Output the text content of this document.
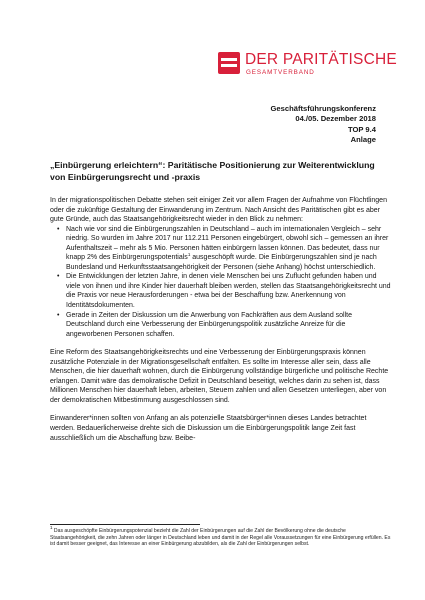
DER PARITÄTISCHE
GESAMTVERBAND
Geschäftsführungskonferenz
04./05. Dezember 2018
TOP 9.4
Anlage
„Einbürgerung erleichtern“: Paritätische Positionierung zur Weiterentwicklung von Einbürgerungsrecht und -praxis

In der migrationspolitischen Debatte stehen seit einiger Zeit vor allem Fragen der Aufnahme von Flüchtlingen oder die zukünftige Gestaltung der Einwanderung im Zentrum. Nach Ansicht des Paritätischen gibt es aber gute Gründe, auch das Staatsangehörigkeitsrecht wieder in den Blick zu nehmen:

• Nach wie vor sind die Einbürgerungszahlen in Deutschland – auch im internationalen Vergleich – sehr niedrig. So wurden im Jahre 2017 nur 112.211 Personen eingebürgert, obwohl sich – gemessen an ihrer Aufenthaltszeit – mehr als 5 Mio. Personen hätten einbürgern lassen können. Das bedeutet, dass nur knapp 2% des Einbürgerungspotentials$^1$ ausgeschöpft wurde. Die Einbürgerungszahlen sind je nach Bundesland und Herkunftsstaatsangehörigkeit der Personen (siehe Anhang) höchst unterschiedlich.
• Die Entwicklungen der letzten Jahre, in denen viele Menschen bei uns Zuflucht gefunden haben und viele von ihnen und ihre Kinder hier dauerhaft bleiben werden, stellen das Staatsangehörigkeitsrecht und die Praxis vor neue Herausforderungen - etwa bei der Beschaffung bzw. Anerkennung von Identitätsdokumenten.
• Gerade in Zeiten der Diskussion um die Anwerbung von Fachkräften aus dem Ausland sollte Deutschland durch eine Verbesserung der Einbürgerungspolitik zusätzliche Anreize für die angeworbenen Personen schaffen.

Eine Reform des Staatsangehörigkeitsrechts und eine Verbesserung der Einbürgerungspraxis können zusätzliche Potenziale in der Migrationsgesellschaft entfalten. Es sollte im Interesse aller sein, dass alle Menschen, die hier dauerhaft wohnen, durch die Einbürgerung vollständige bürgerliche und politische Rechte erlangen. Damit wäre das demokratische Defizit in Deutschland beseitigt, welches darin zu sehen ist, dass Millionen Menschen hier dauerhaft leben, arbeiten, Steuern zahlen und allen Gesetzen unterliegen, aber von der demokratischen Mitbestimmung ausgeschlossen sind.

Einwanderer*innen sollten von Anfang an als potenzielle Staatsbürger*innen dieses Landes betrachtet werden. Bedauerlicherweise drehte sich die Diskussion um die Einbürgerungspolitik lange Zeit fast ausschließlich um die Abschaffung bzw. Beibe-

$^1$ Das ausgeschöpfte Einbürgerungspotenzial bezieht die Zahl der Einbürgerungen auf die Zahl der Bevölkerung ohne die deutsche Staatsangehörigkeit, die zehn Jahren oder länger in Deutschland leben und damit in der Regel alle Voraussetzungen für eine Einbürgerung erfüllen. Es ist damit besser geeignet, das Interesse an einer Einbürgerung abzubilden, als die Zahl der Einbürgerungen selbst.
